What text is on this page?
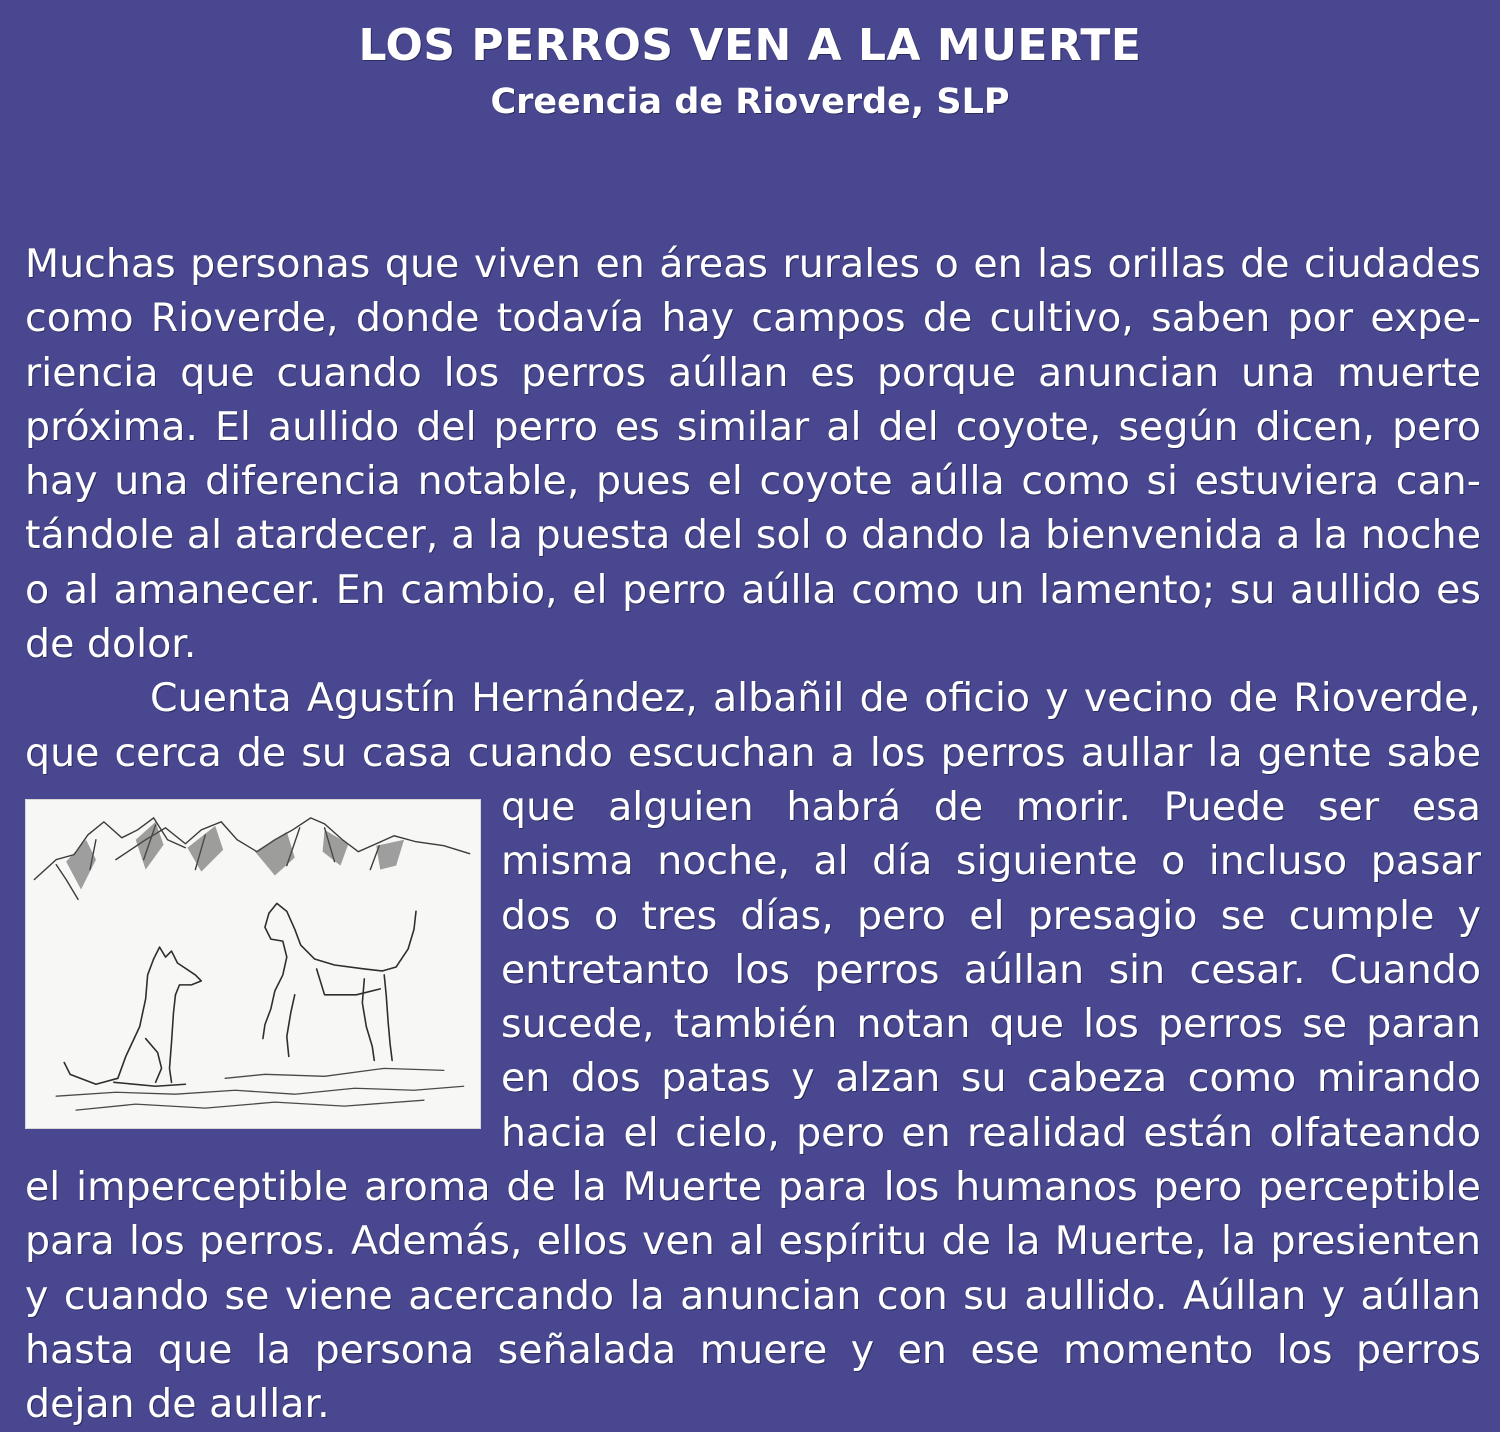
LOS PERROS VEN A LA MUERTE
Creencia de Rioverde, SLP

Muchas personas que viven en áreas rurales o en las orillas de ciudades como Rioverde, donde todavía hay campos de cultivo, saben por experiencia que cuando los perros aúllan es porque anuncian una muerte próxima. El aullido del perro es similar al del coyote, según dicen, pero hay una diferencia notable, pues el coyote aúlla como si estuviera cantándole al atardecer, a la puesta del sol o dando la bienvenida a la noche o al amanecer. En cambio, el perro aúlla como un lamento; su aullido es de dolor.

Cuenta Agustín Hernández, albañil de oficio y vecino de Rioverde, que cerca de su casa cuando escuchan a los perros aullar la gente sabe que alguien habrá de morir. Puede ser esa misma noche, al día siguiente o incluso pasar dos o tres días, pero el presagio se cumple y entretanto los perros aúllan sin cesar. Cuando sucede, también notan que los perros se paran en dos patas y alzan su cabeza como mirando hacia el cielo, pero en realidad están olfateando el imperceptible aroma de la Muerte para los humanos pero perceptible para los perros. Además, ellos ven al espíritu de la Muerte, la presienten y cuando se viene acercando la anuncian con su aullido. Aúllan y aúllan hasta que la persona señalada muere y en ese momento los perros dejan de aullar.
